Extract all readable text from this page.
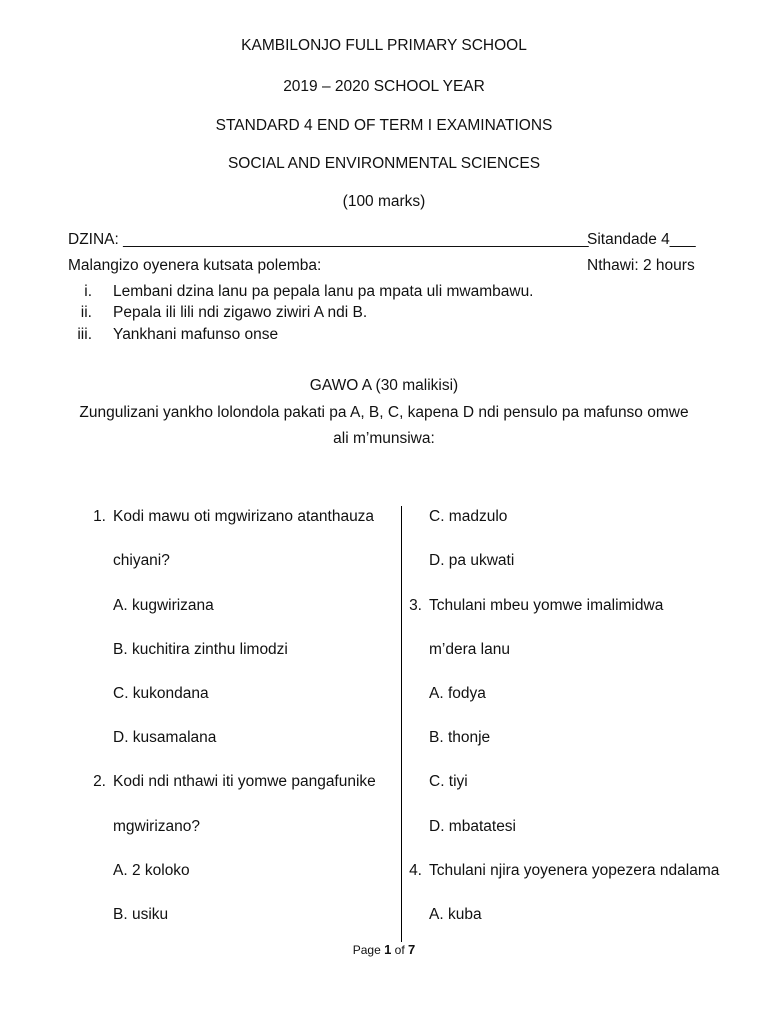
KAMBILONJO FULL PRIMARY SCHOOL
2019 – 2020 SCHOOL YEAR
STANDARD 4 END OF TERM I EXAMINATIONS
SOCIAL AND ENVIRONMENTAL SCIENCES
(100 marks)
DZINA: ______________________________________________________
Sitandade 4___
Malangizo oyenera kutsata polemba:	Nthawi: 2 hours
i. Lembani dzina lanu pa pepala lanu pa mpata uli mwambawu.
ii. Pepala ili lili ndi zigawo ziwiri A ndi B.
iii. Yankhani mafunso onse
GAWO A (30 malikisi)
Zungulizani yankho lolondola pakati pa A, B, C, kapena D ndi pensulo pa mafunso omwe
ali m’munsiwa:
1. Kodi mawu oti mgwirizano atanthauza
chiyani?
A. kugwirizana
B. kuchitira zinthu limodzi
C. kukondana
D. kusamalana
2. Kodi ndi nthawi iti yomwe pangafunike
mgwirizano?
A. 2 koloko
B. usiku
C. madzulo
D. pa ukwati
3. Tchulani mbeu yomwe imalimidwa
m’dera lanu
A. fodya
B. thonje
C. tiyi
D. mbatatesi
4. Tchulani njira yoyenera yopezera ndalama
A. kuba
Page 1 of 7
